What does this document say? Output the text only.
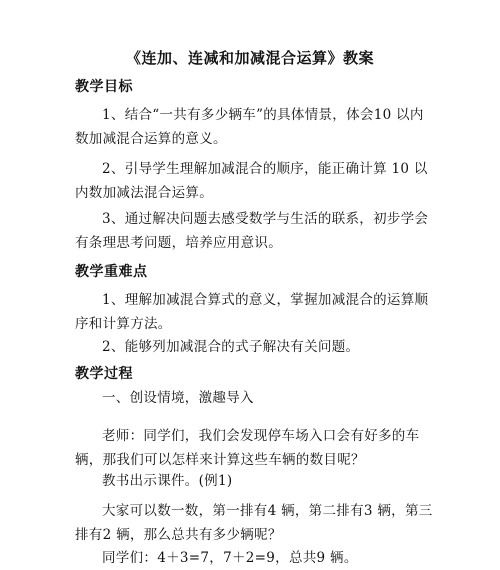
《连加、连减和加减混合运算》教案
教学目标
1、结合“一共有多少辆车”的具体情景，体会10 以内数加减混合运算的意义。
2、引导学生理解加减混合的顺序，能正确计算 10 以内数加减法混合运算。
3、通过解决问题去感受数学与生活的联系，初步学会有条理思考问题，培养应用意识。
教学重难点
1、理解加减混合算式的意义，掌握加减混合的运算顺序和计算方法。
2、能够列加减混合的式子解决有关问题。
教学过程
一、创设情境，激趣导入
老师：同学们，我们会发现停车场入口会有好多的车辆，那我们可以怎样来计算这些车辆的数目呢？
教书出示课件。(例1)
大家可以数一数，第一排有4 辆，第二排有3 辆，第三排有2 辆，那么总共有多少辆呢？
同学们：4＋3=7，7＋2=9，总共9 辆。
